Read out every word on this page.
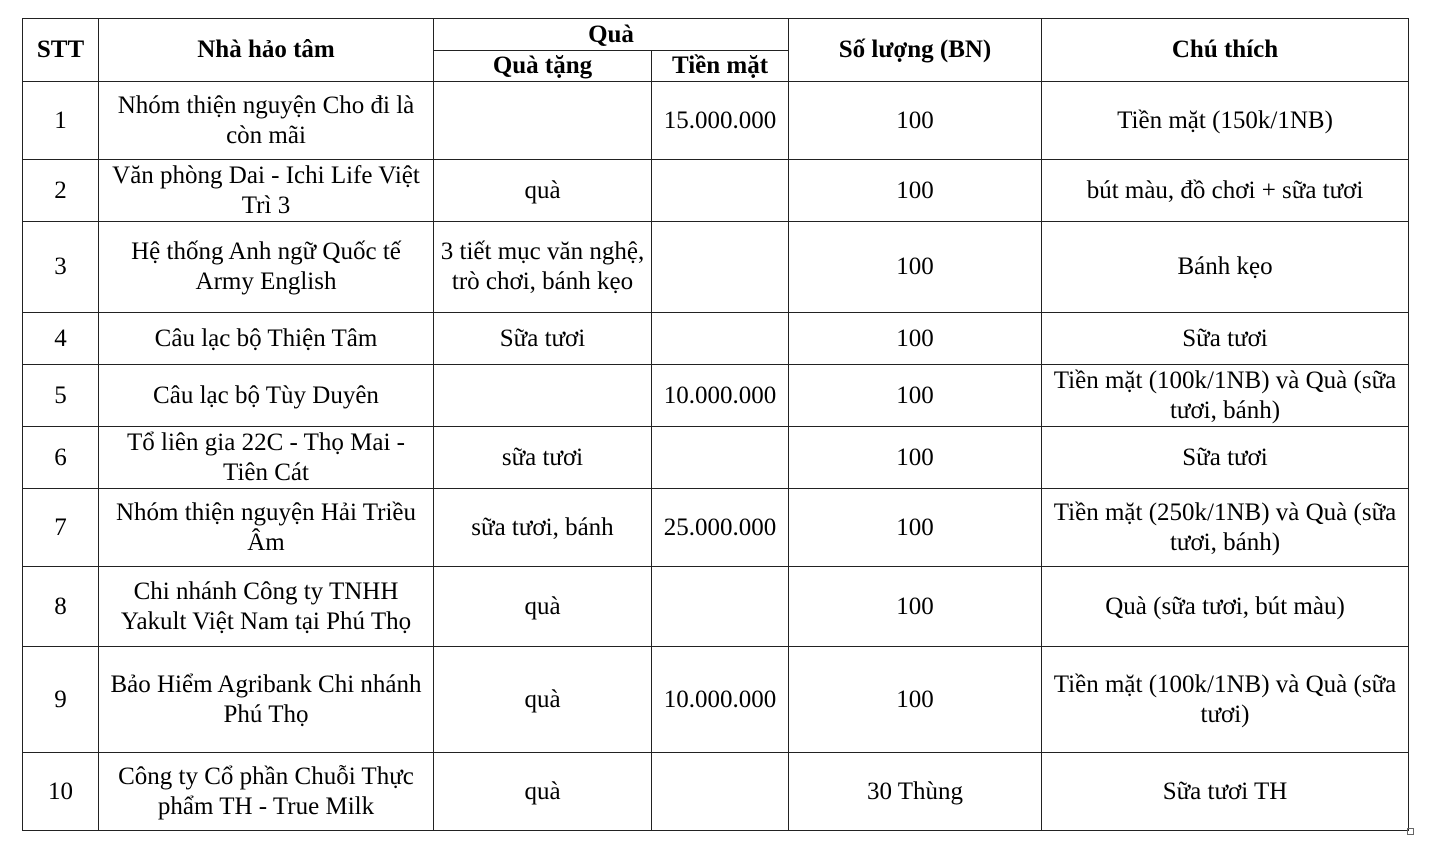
STT	Nhà hảo tâm	Quà		Số lượng (BN)	Chú thích
		Quà tặng	Tiền mặt		
1	Nhóm thiện nguyện Cho đi là còn mãi		15.000.000	100	Tiền mặt (150k/1NB)
2	Văn phòng Dai - Ichi Life Việt Trì 3	quà		100	bút màu, đồ chơi + sữa tươi
3	Hệ thống Anh ngữ Quốc tế Army English	3 tiết mục văn nghệ, trò chơi, bánh kẹo		100	Bánh kẹo
4	Câu lạc bộ Thiện Tâm	Sữa tươi		100	Sữa tươi
5	Câu lạc bộ Tùy Duyên		10.000.000	100	Tiền mặt (100k/1NB) và Quà (sữa tươi, bánh)
6	Tổ liên gia 22C - Thọ Mai - Tiên Cát	sữa tươi		100	Sữa tươi
7	Nhóm thiện nguyện Hải Triều Âm	sữa tươi, bánh	25.000.000	100	Tiền mặt (250k/1NB) và Quà (sữa tươi, bánh)
8	Chi nhánh Công ty TNHH Yakult Việt Nam tại Phú Thọ	quà		100	Quà (sữa tươi, bút màu)
9	Bảo Hiểm Agribank Chi nhánh Phú Thọ	quà	10.000.000	100	Tiền mặt (100k/1NB) và Quà (sữa tươi)
10	Công ty Cổ phần Chuỗi Thực phẩm TH - True Milk	quà		30 Thùng	Sữa tươi TH
